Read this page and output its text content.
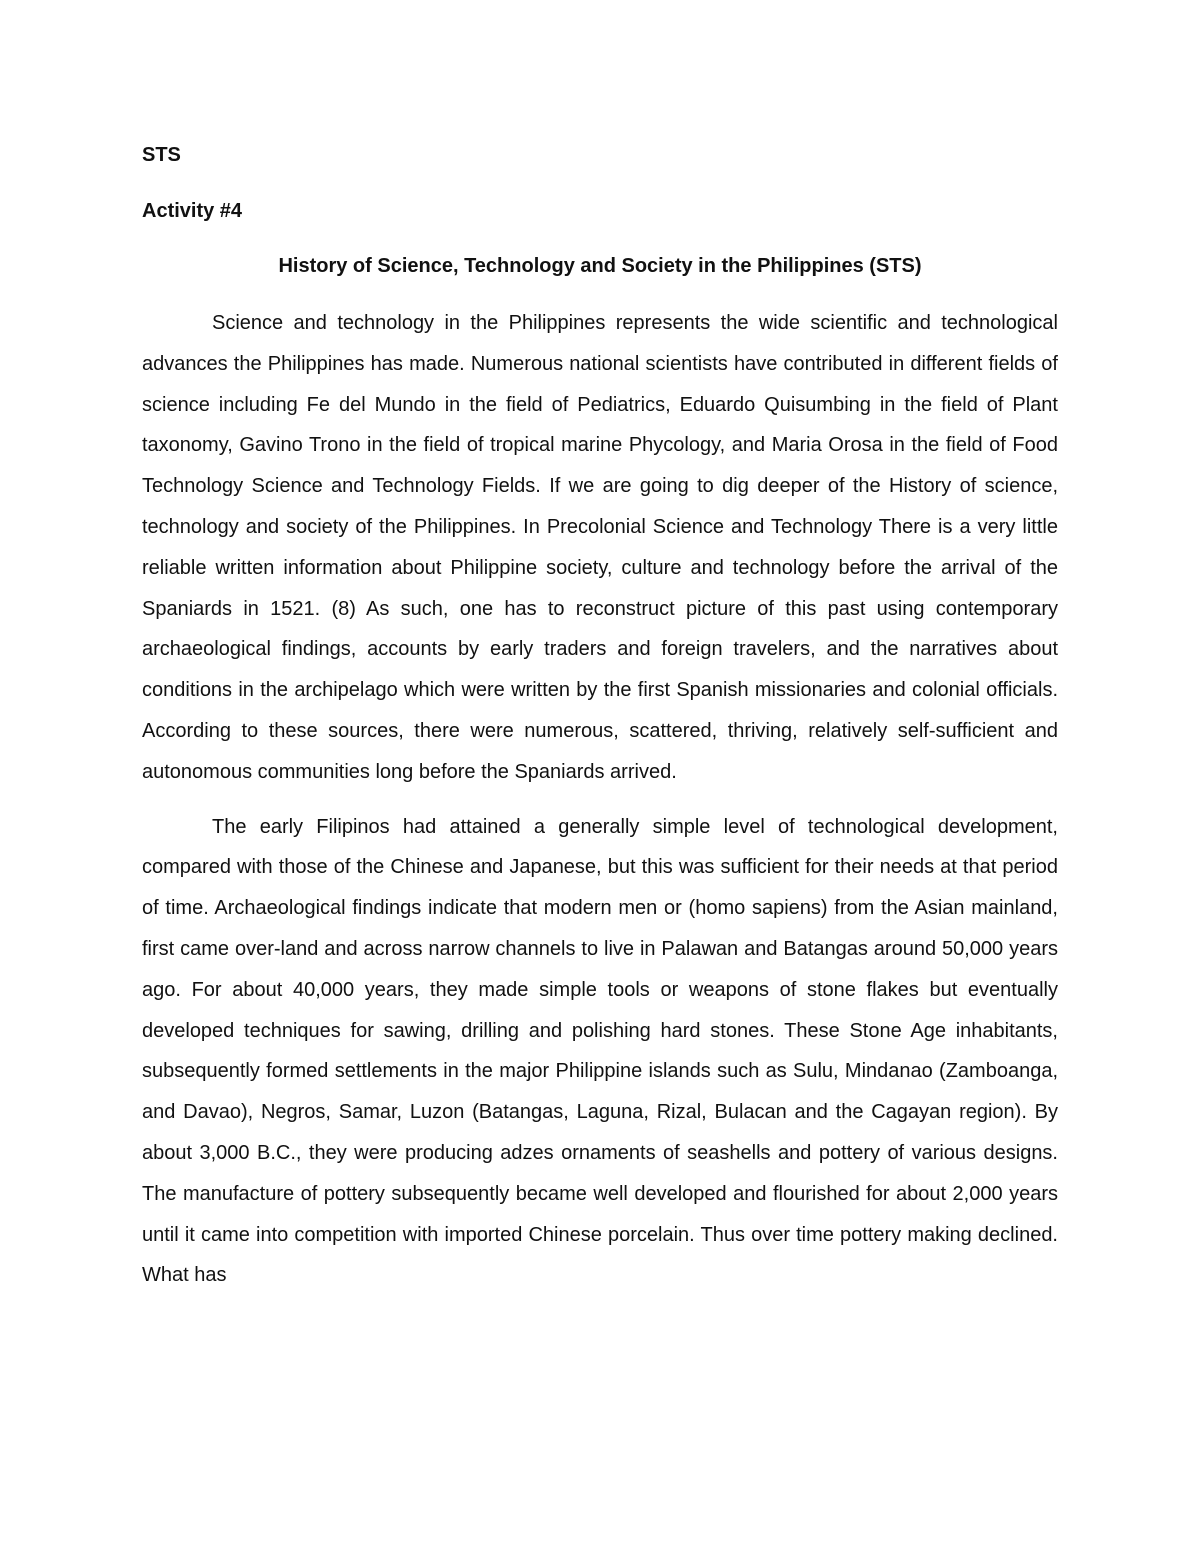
STS

Activity #4

History of Science, Technology and Society in the Philippines (STS)

Science and technology in the Philippines represents the wide scientific and technological advances the Philippines has made. Numerous national scientists have contributed in different fields of science including Fe del Mundo in the field of Pediatrics, Eduardo Quisumbing in the field of Plant taxonomy, Gavino Trono in the field of tropical marine Phycology, and Maria Orosa in the field of Food Technology Science and Technology Fields. If we are going to dig deeper of the History of science, technology and society of the Philippines. In Precolonial Science and Technology There is a very little reliable written information about Philippine society, culture and technology before the arrival of the Spaniards in 1521. (8) As such, one has to reconstruct picture of this past using contemporary archaeological findings, accounts by early traders and foreign travelers, and the narratives about conditions in the archipelago which were written by the first Spanish missionaries and colonial officials. According to these sources, there were numerous, scattered, thriving, relatively self-sufficient and autonomous communities long before the Spaniards arrived.

The early Filipinos had attained a generally simple level of technological development, compared with those of the Chinese and Japanese, but this was sufficient for their needs at that period of time. Archaeological findings indicate that modern men or (homo sapiens) from the Asian mainland, first came over-land and across narrow channels to live in Palawan and Batangas around 50,000 years ago. For about 40,000 years, they made simple tools or weapons of stone flakes but eventually developed techniques for sawing, drilling and polishing hard stones. These Stone Age inhabitants, subsequently formed settlements in the major Philippine islands such as Sulu, Mindanao (Zamboanga, and Davao), Negros, Samar, Luzon (Batangas, Laguna, Rizal, Bulacan and the Cagayan region). By about 3,000 B.C., they were producing adzes ornaments of seashells and pottery of various designs. The manufacture of pottery subsequently became well developed and flourished for about 2,000 years until it came into competition with imported Chinese porcelain. Thus over time pottery making declined. What has
